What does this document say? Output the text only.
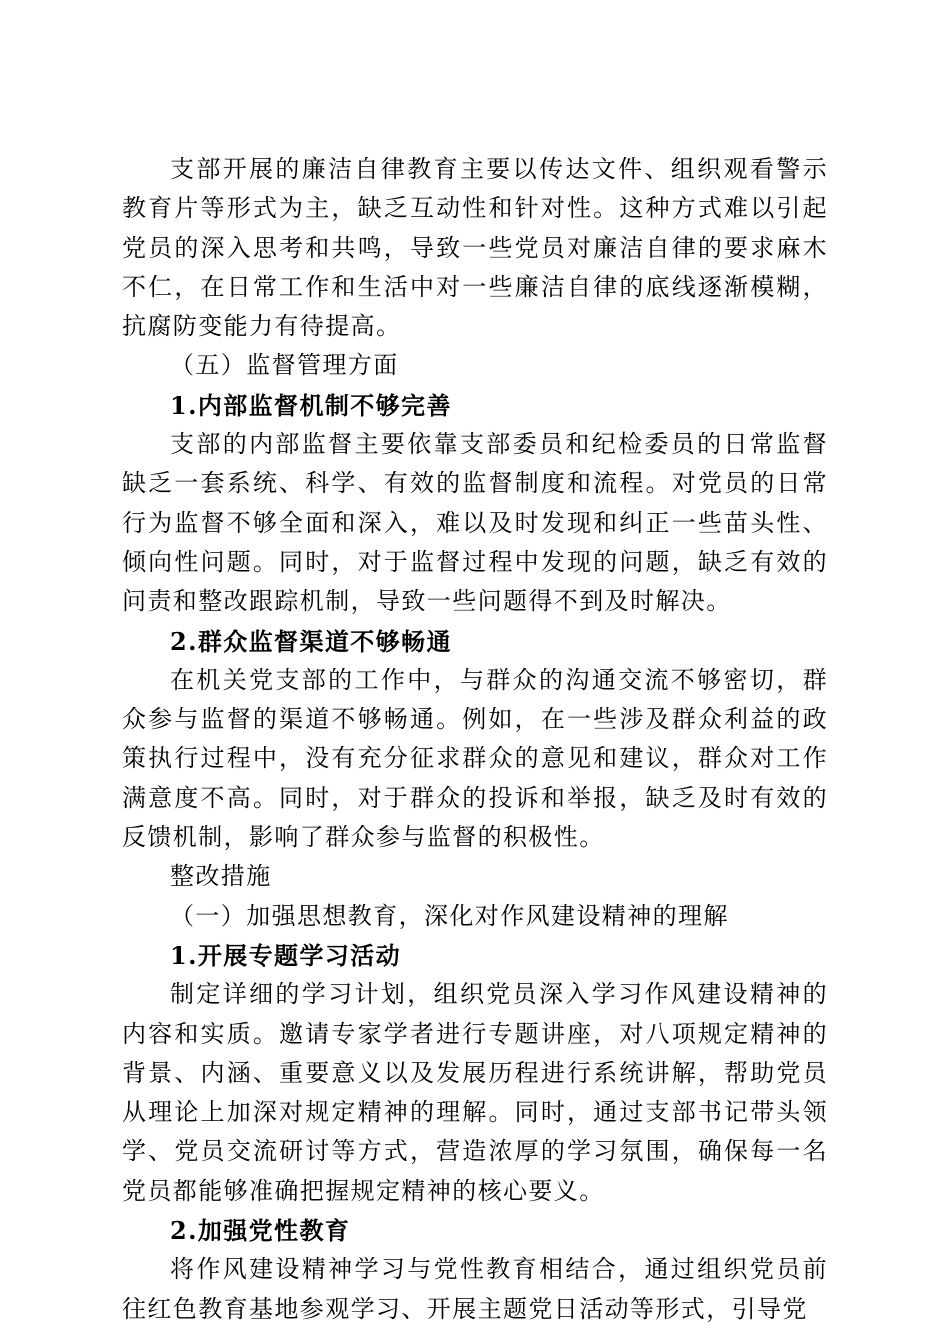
支部开展的廉洁自律教育主要以传达文件、组织观看警示教育片等形式为主，缺乏互动性和针对性。这种方式难以引起党员的深入思考和共鸣，导致一些党员对廉洁自律的要求麻木不仁，在日常工作和生活中对一些廉洁自律的底线逐渐模糊，抗腐防变能力有待提高。

（五）监督管理方面

1.内部监督机制不够完善

支部的内部监督主要依靠支部委员和纪检委员的日常监督缺乏一套系统、科学、有效的监督制度和流程。对党员的日常行为监督不够全面和深入，难以及时发现和纠正一些苗头性、倾向性问题。同时，对于监督过程中发现的问题，缺乏有效的问责和整改跟踪机制，导致一些问题得不到及时解决。

2.群众监督渠道不够畅通

在机关党支部的工作中，与群众的沟通交流不够密切，群众参与监督的渠道不够畅通。例如，在一些涉及群众利益的政策执行过程中，没有充分征求群众的意见和建议，群众对工作满意度不高。同时，对于群众的投诉和举报，缺乏及时有效的反馈机制，影响了群众参与监督的积极性。

整改措施

（一）加强思想教育，深化对作风建设精神的理解

1.开展专题学习活动

制定详细的学习计划，组织党员深入学习作风建设精神的内容和实质。邀请专家学者进行专题讲座，对八项规定精神的背景、内涵、重要意义以及发展历程进行系统讲解，帮助党员从理论上加深对规定精神的理解。同时，通过支部书记带头领学、党员交流研讨等方式，营造浓厚的学习氛围，确保每一名党员都能够准确把握规定精神的核心要义。

2.加强党性教育

将作风建设精神学习与党性教育相结合，通过组织党员前往红色教育基地参观学习、开展主题党日活动等形式，引导党
